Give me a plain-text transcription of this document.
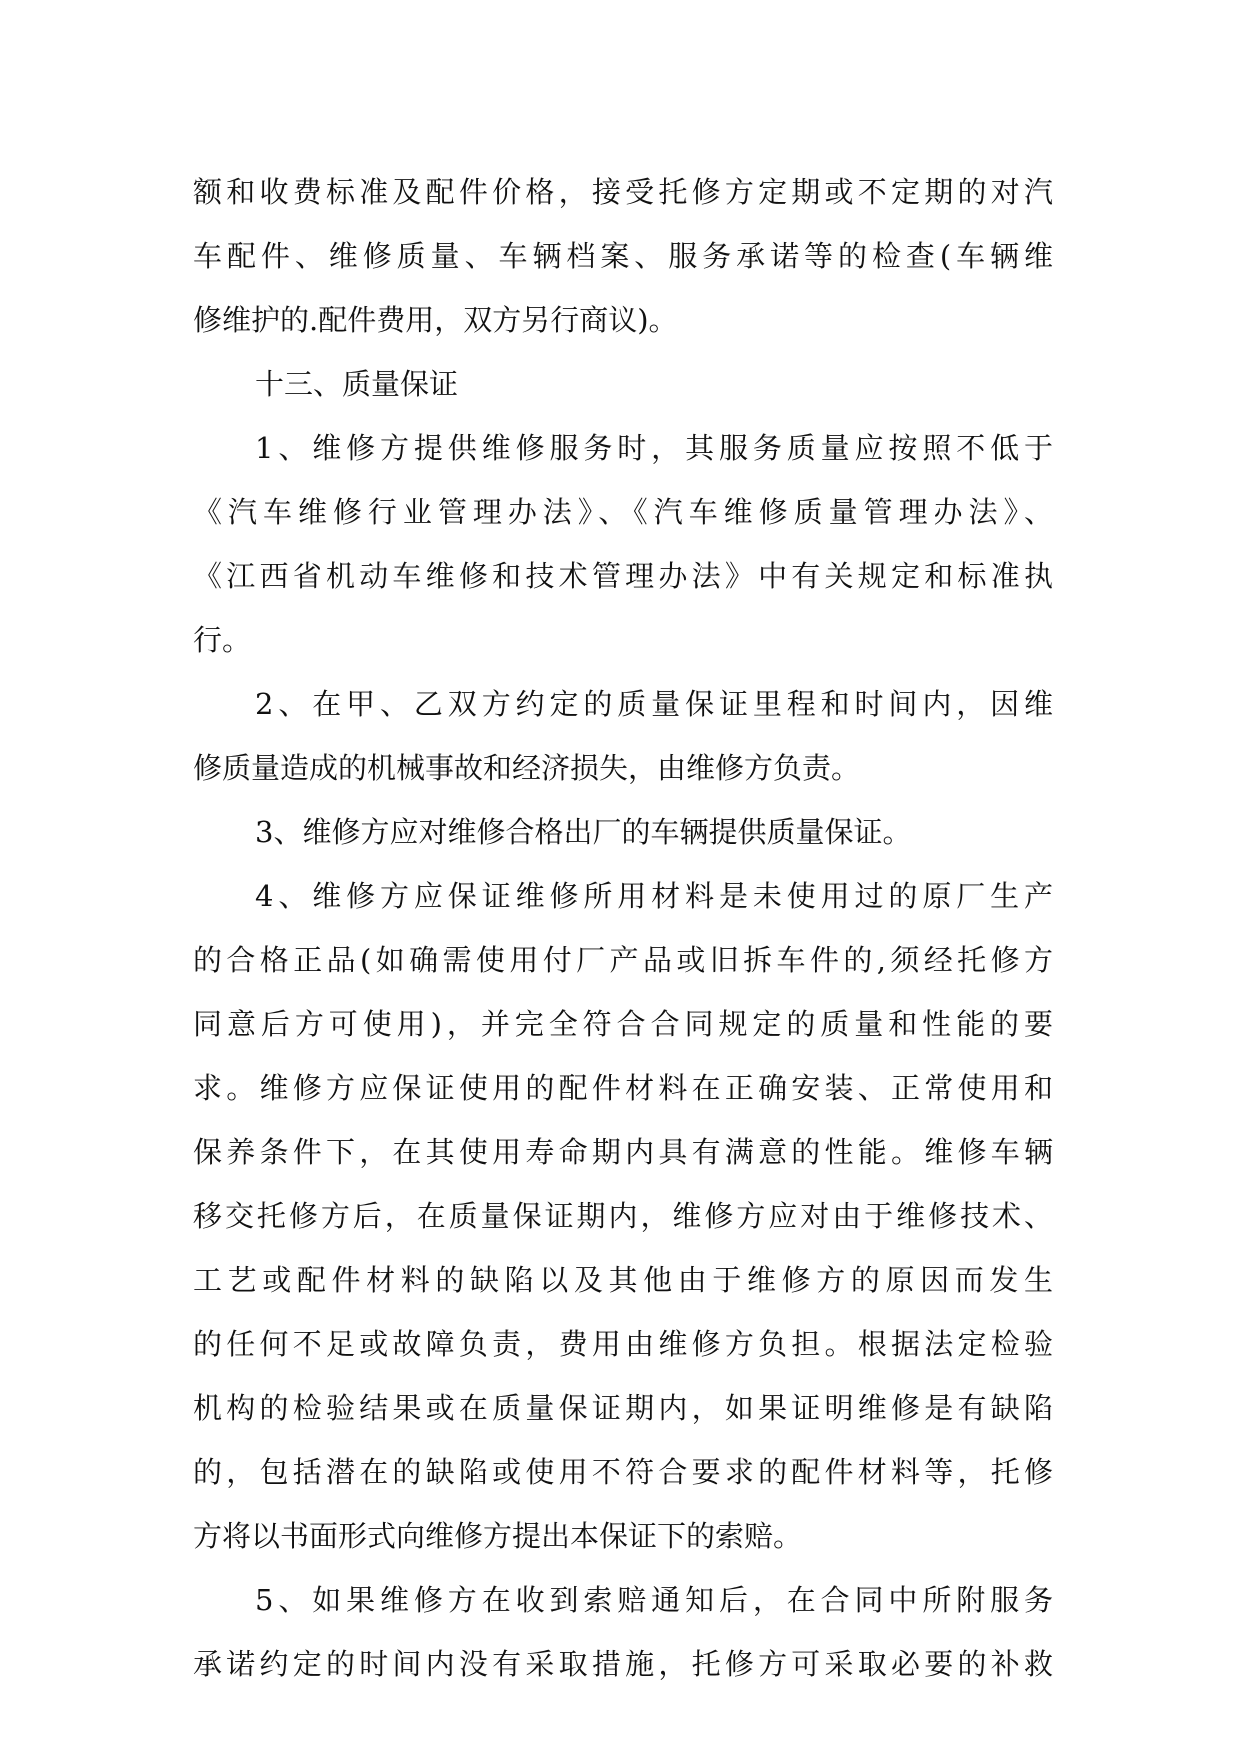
额和收费标准及配件价格，接受托修方定期或不定期的对汽
车配件、维修质量、车辆档案、服务承诺等的检查(车辆维
修维护的.配件费用，双方另行商议)。
十三、质量保证
1、维修方提供维修服务时，其服务质量应按照不低于
《汽车维修行业管理办法》、《汽车维修质量管理办法》、
《江西省机动车维修和技术管理办法》中有关规定和标准执
行。
2、在甲、乙双方约定的质量保证里程和时间内，因维
修质量造成的机械事故和经济损失，由维修方负责。
3、维修方应对维修合格出厂的车辆提供质量保证。
4、维修方应保证维修所用材料是未使用过的原厂生产
的合格正品(如确需使用付厂产品或旧拆车件的,须经托修方
同意后方可使用)，并完全符合合同规定的质量和性能的要
求。维修方应保证使用的配件材料在正确安装、正常使用和
保养条件下，在其使用寿命期内具有满意的性能。维修车辆
移交托修方后，在质量保证期内，维修方应对由于维修技术、
工艺或配件材料的缺陷以及其他由于维修方的原因而发生
的任何不足或故障负责，费用由维修方负担。根据法定检验
机构的检验结果或在质量保证期内，如果证明维修是有缺陷
的，包括潜在的缺陷或使用不符合要求的配件材料等，托修
方将以书面形式向维修方提出本保证下的索赔。
5、如果维修方在收到索赔通知后，在合同中所附服务
承诺约定的时间内没有采取措施，托修方可采取必要的补救
